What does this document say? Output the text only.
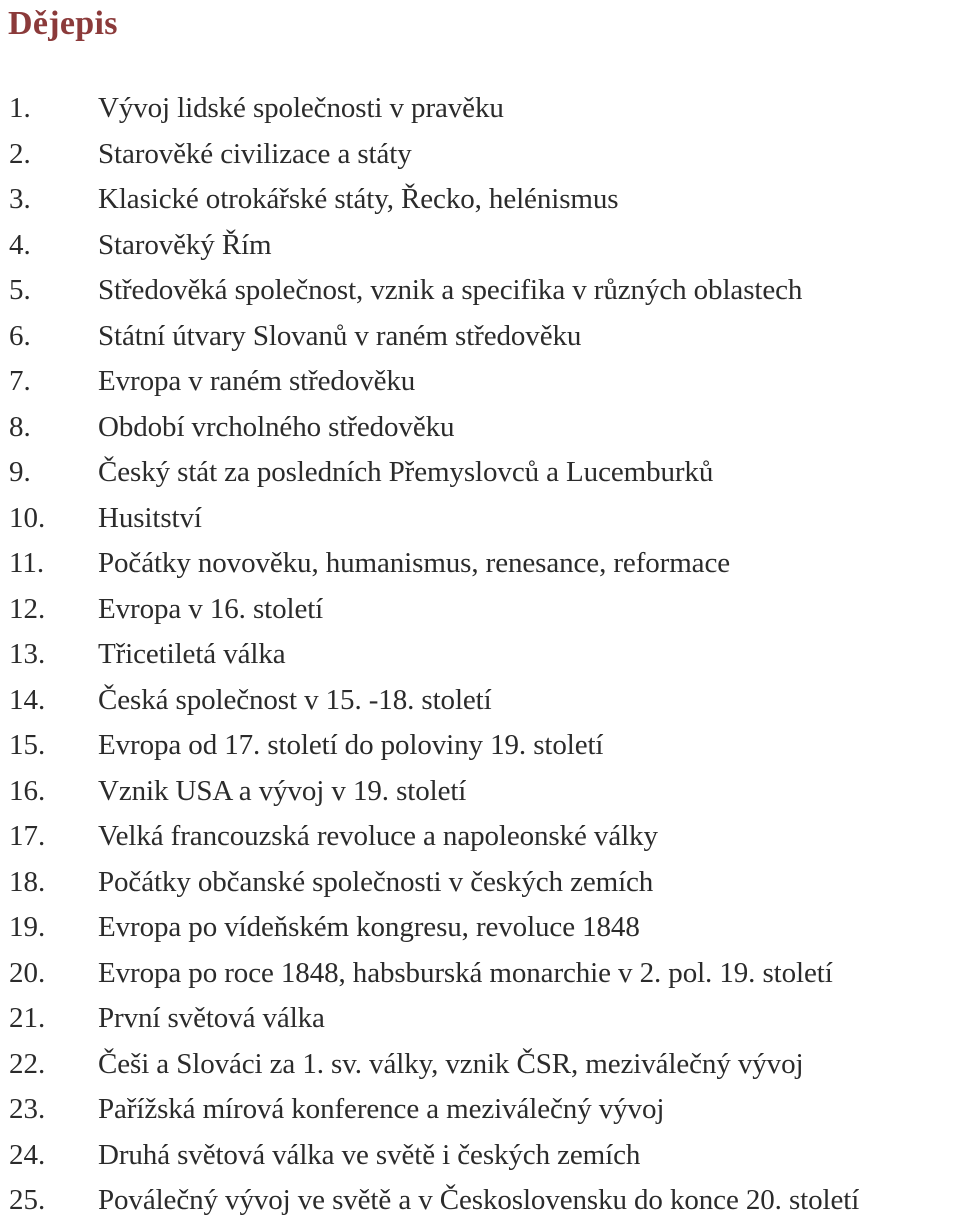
Dějepis
1. Vývoj lidské společnosti v pravěku
2. Starověké civilizace a státy
3. Klasické otrokářské státy, Řecko, helénismus
4. Starověký Řím
5. Středověká společnost, vznik a specifika v různých oblastech
6. Státní útvary Slovanů v raném středověku
7. Evropa v raném středověku
8. Období vrcholného středověku
9. Český stát za posledních Přemyslovců a Lucemburků
10. Husitství
11. Počátky novověku, humanismus, renesance, reformace
12. Evropa v 16. století
13. Třicetiletá válka
14. Česká společnost v 15. -18. století
15. Evropa od 17. století do poloviny 19. století
16. Vznik USA a vývoj v 19. století
17. Velká francouzská revoluce a napoleonské války
18. Počátky občanské společnosti v českých zemích
19. Evropa po vídeňském kongresu, revoluce 1848
20. Evropa po roce 1848, habsburská monarchie v 2. pol. 19. století
21. První světová válka
22. Češi a Slováci za 1. sv. války, vznik ČSR, meziválečný vývoj
23. Pařížská mírová konference a meziválečný vývoj
24. Druhá světová válka ve světě i českých zemích
25. Poválečný vývoj ve světě a v Československu do konce 20. století
